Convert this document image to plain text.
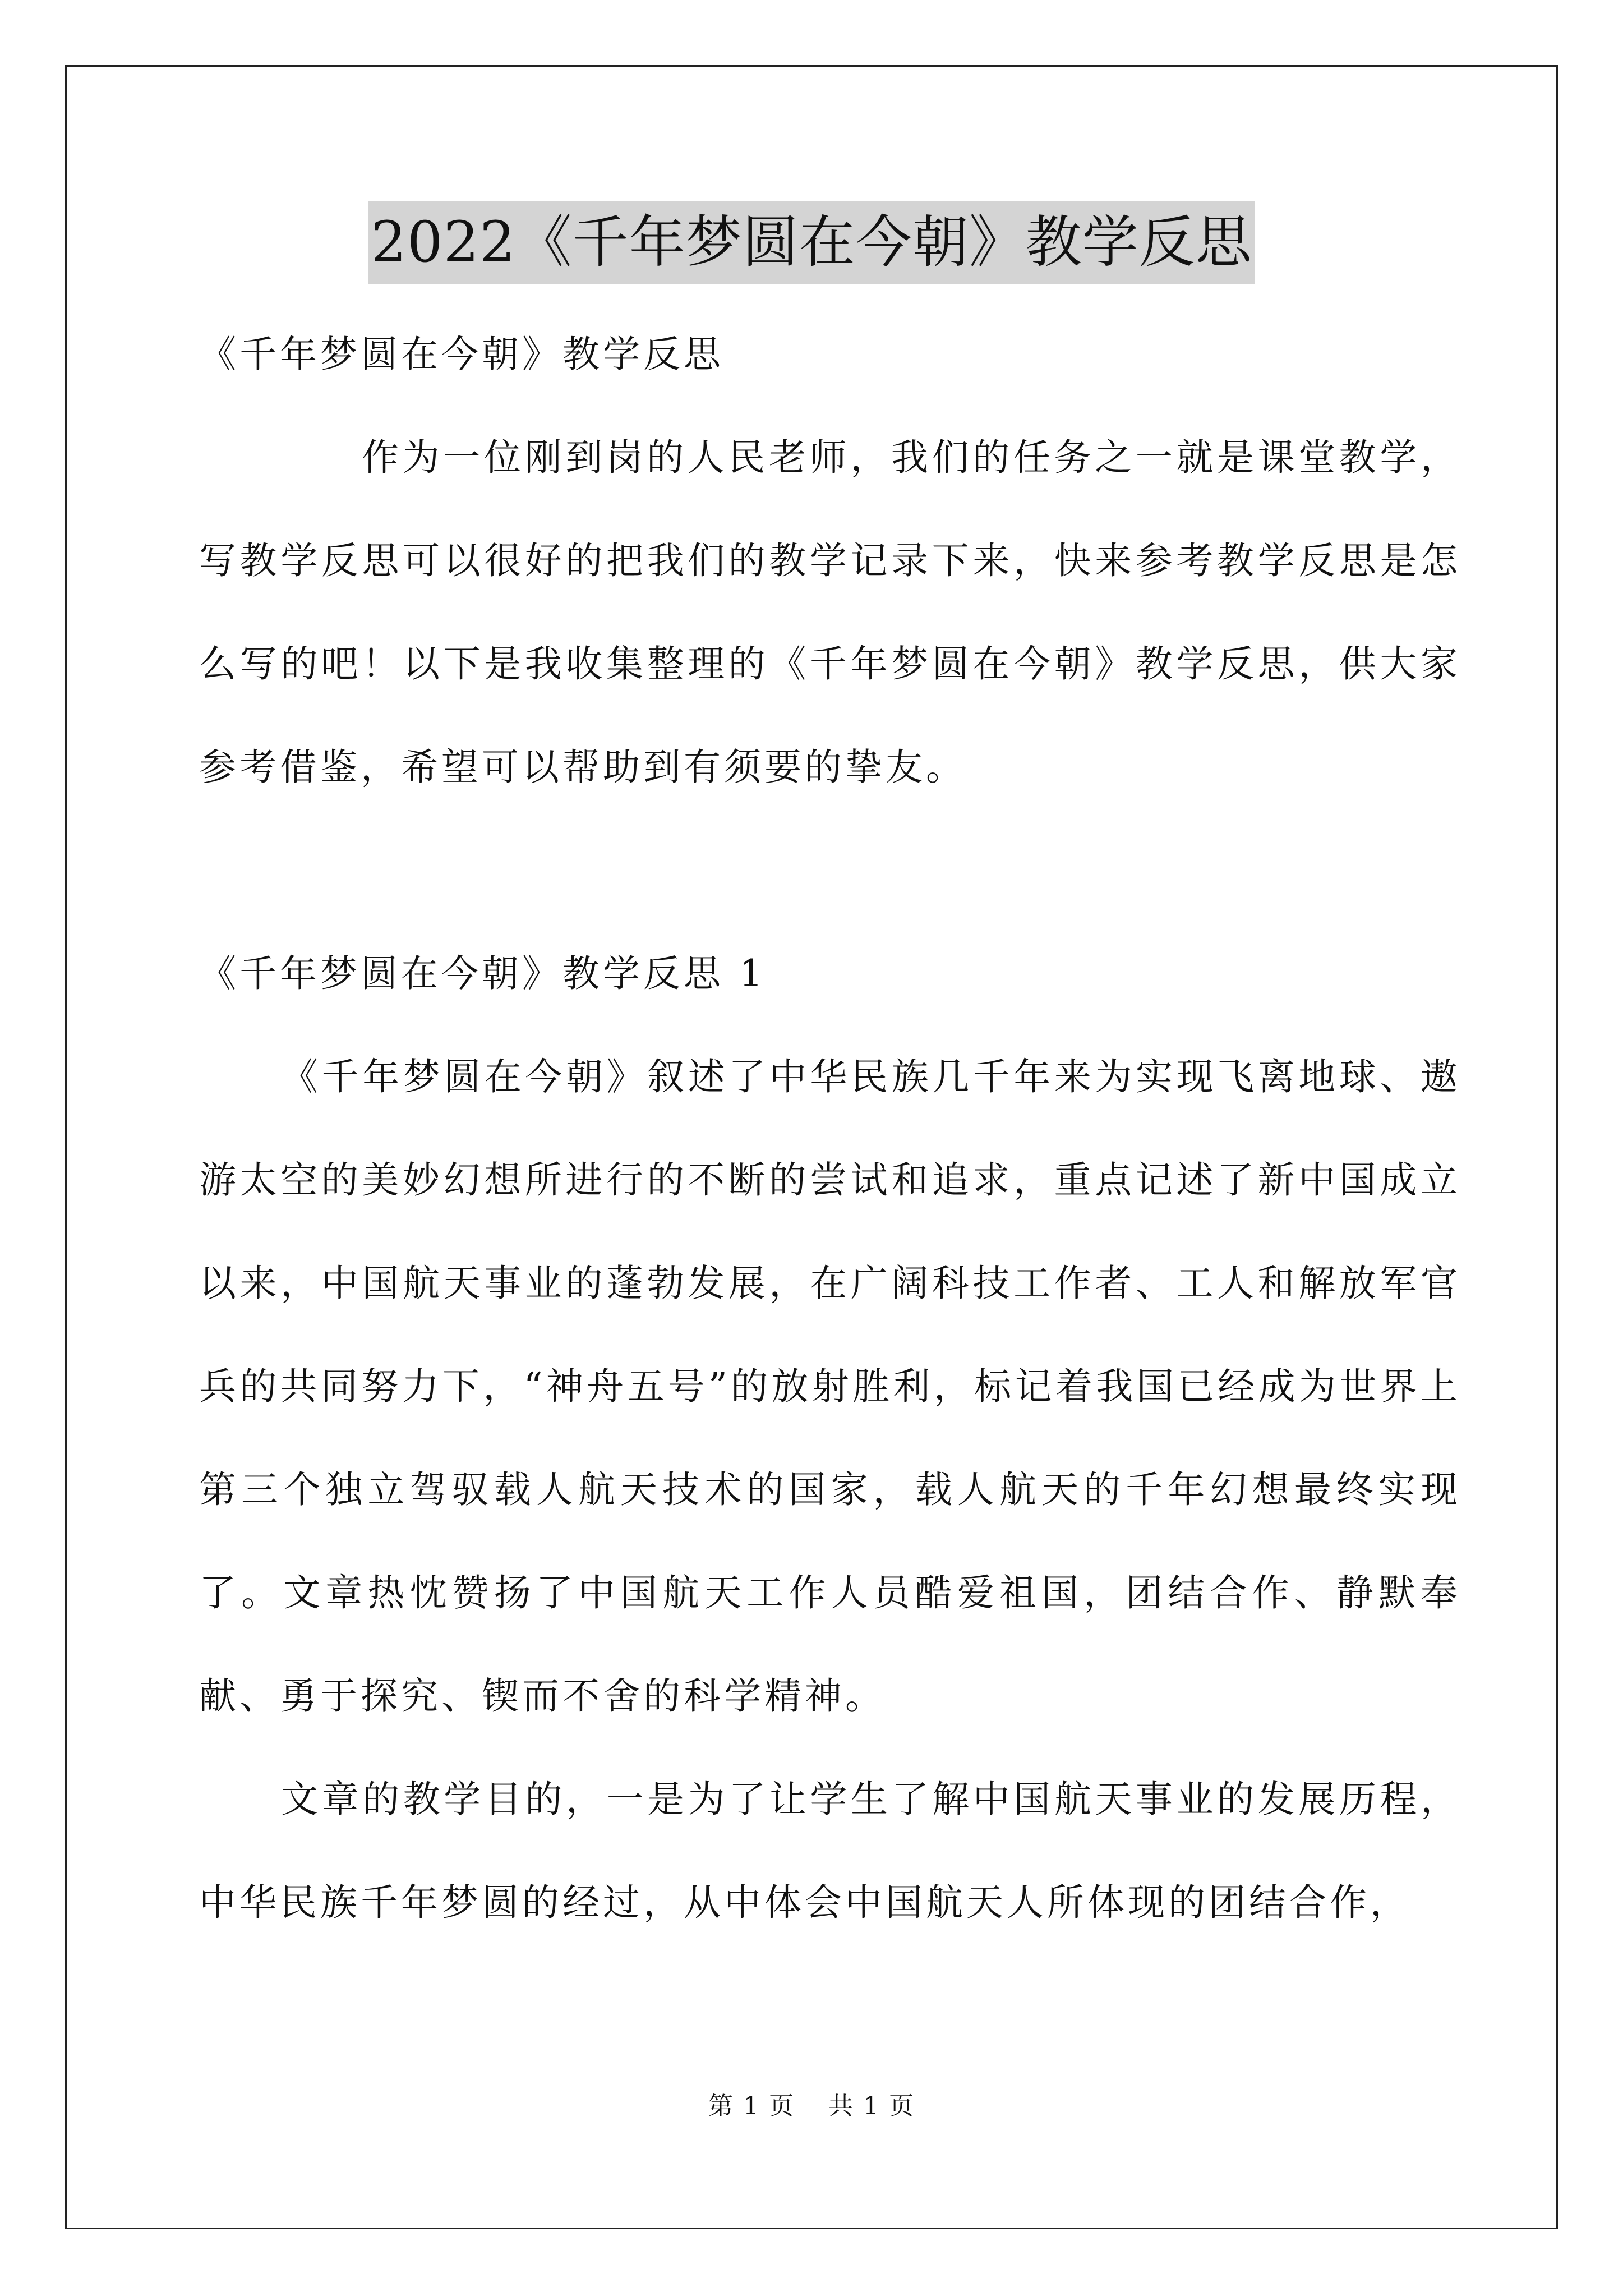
2022《千年梦圆在今朝》教学反思

《千年梦圆在今朝》教学反思

作为一位刚到岗的人民老师，我们的任务之一就是课堂教学，写教学反思可以很好的把我们的教学记录下来，快来参考教学反思是怎么写的吧！以下是我收集整理的《千年梦圆在今朝》教学反思，供大家参考借鉴，希望可以帮助到有须要的挚友。

《千年梦圆在今朝》教学反思 1

《千年梦圆在今朝》叙述了中华民族几千年来为实现飞离地球、遨游太空的美妙幻想所进行的不断的尝试和追求，重点记述了新中国成立以来，中国航天事业的蓬勃发展，在广阔科技工作者、工人和解放军官兵的共同努力下，“神舟五号”的放射胜利，标记着我国已经成为世界上第三个独立驾驭载人航天技术的国家，载人航天的千年幻想最终实现了。文章热忱赞扬了中国航天工作人员酷爱祖国，团结合作、静默奉献、勇于探究、锲而不舍的科学精神。

文章的教学目的，一是为了让学生了解中国航天事业的发展历程，中华民族千年梦圆的经过，从中体会中国航天人所体现的团结合作，

第 1 页 共 1 页
